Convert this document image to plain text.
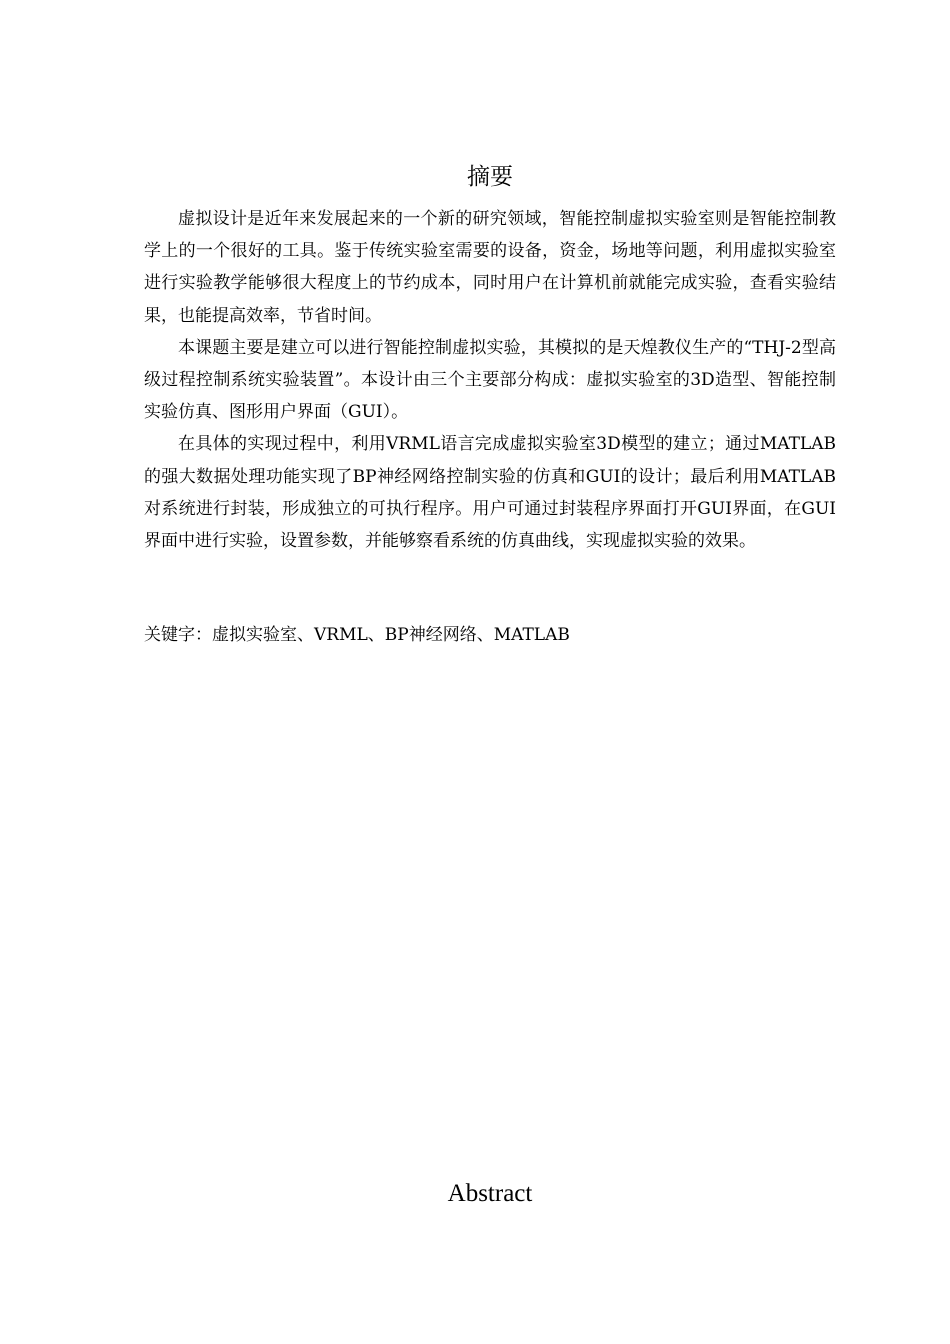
摘要

虚拟设计是近年来发展起来的一个新的研究领域，智能控制虚拟实验室则是智能控制教学上的一个很好的工具。鉴于传统实验室需要的设备，资金，场地等问题，利用虚拟实验室进行实验教学能够很大程度上的节约成本，同时用户在计算机前就能完成实验，查看实验结果，也能提高效率，节省时间。

本课题主要是建立可以进行智能控制虚拟实验，其模拟的是天煌教仪生产的“THJ-2型高级过程控制系统实验装置”。本设计由三个主要部分构成：虚拟实验室的3D造型、智能控制实验仿真、图形用户界面（GUI）。

在具体的实现过程中，利用VRML语言完成虚拟实验室3D模型的建立；通过MATLAB的强大数据处理功能实现了BP神经网络控制实验的仿真和GUI的设计；最后利用MATLAB对系统进行封装，形成独立的可执行程序。用户可通过封装程序界面打开GUI界面，在GUI界面中进行实验，设置参数，并能够察看系统的仿真曲线，实现虚拟实验的效果。

关键字：虚拟实验室、VRML、BP神经网络、MATLAB
Abstract
